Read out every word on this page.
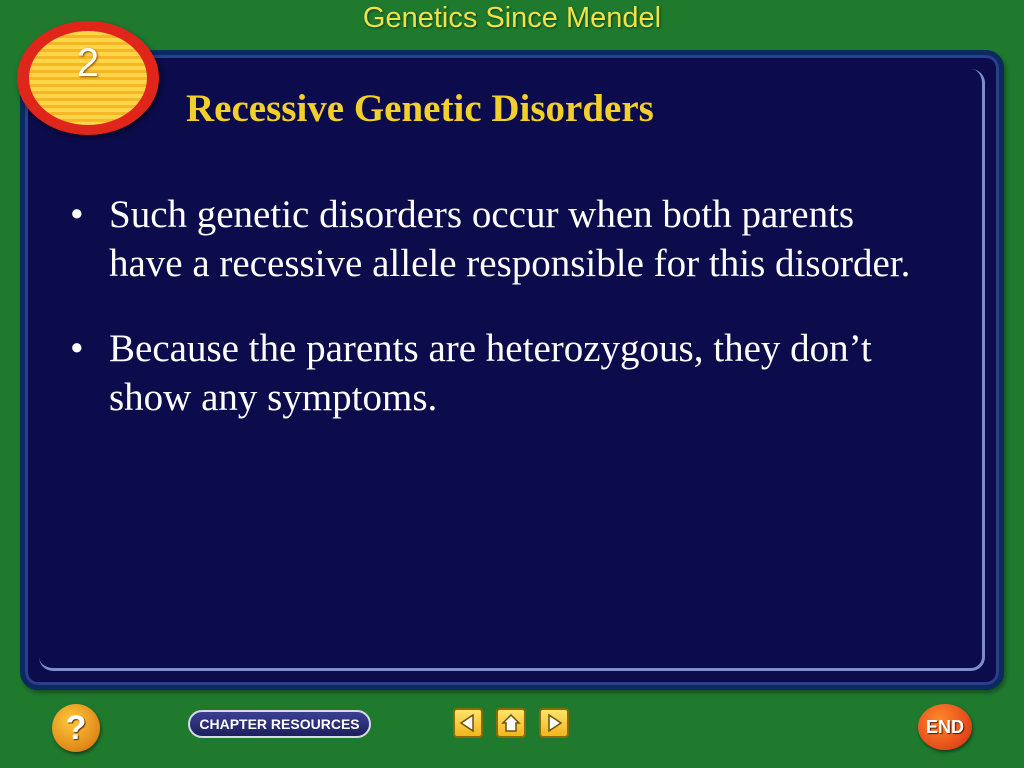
Genetics Since Mendel
2
Recessive Genetic Disorders
• Such genetic disorders occur when both parents have a recessive allele responsible for this disorder.
• Because the parents are heterozygous, they don’t show any symptoms.
?	CHAPTER RESOURCES	END
